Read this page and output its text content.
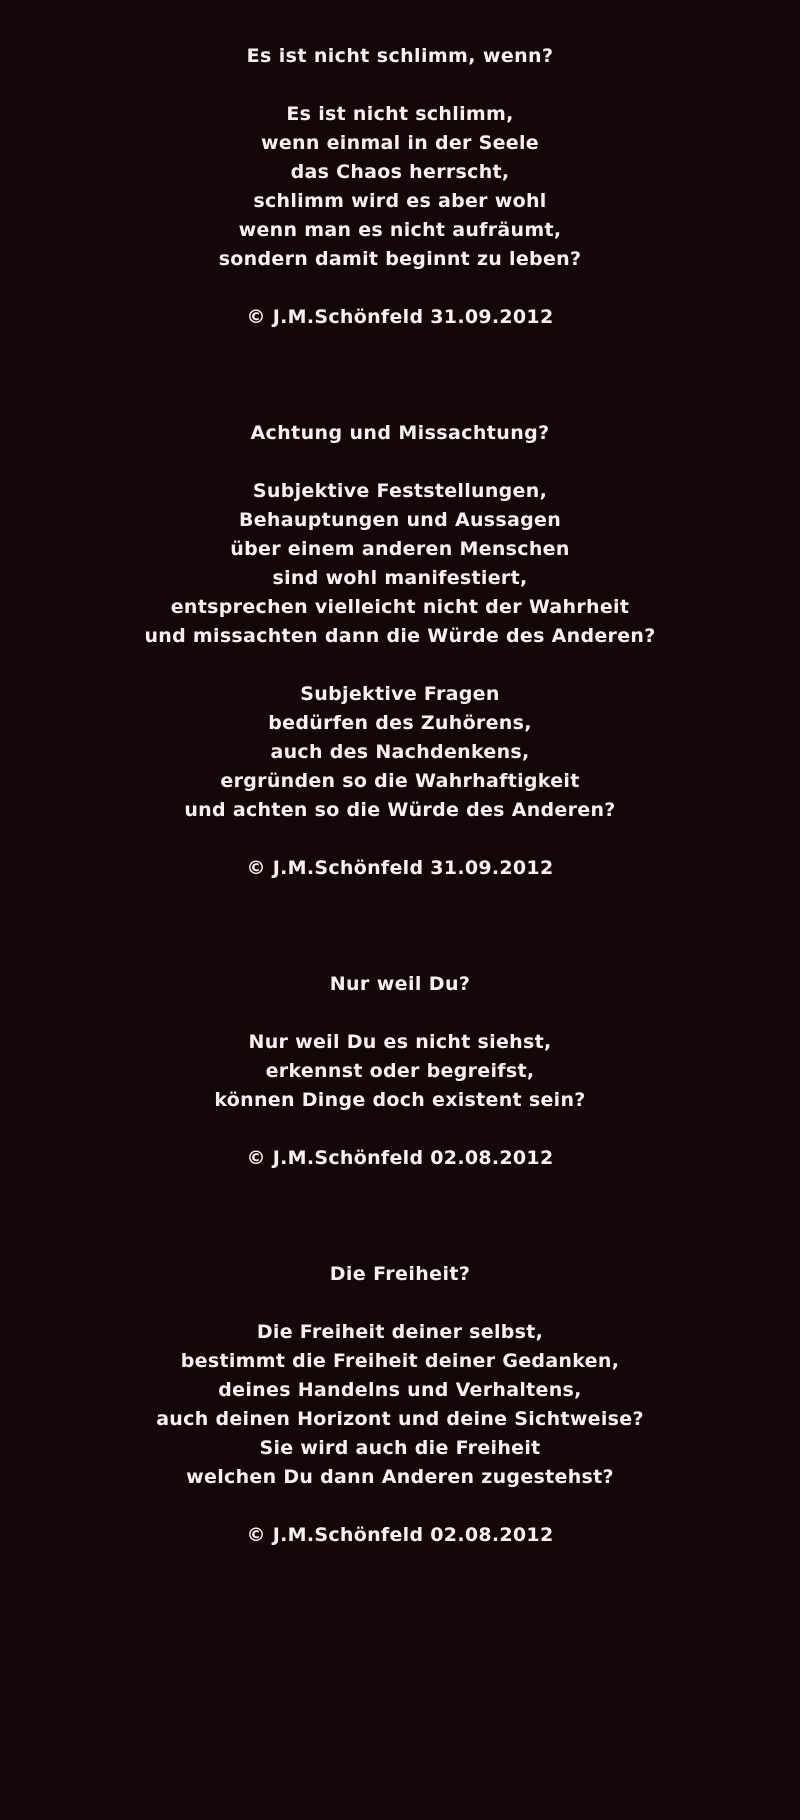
Es ist nicht schlimm, wenn?
Es ist nicht schlimm,
wenn einmal in der Seele
das Chaos herrscht,
schlimm wird es aber wohl
wenn man es nicht aufräumt,
sondern damit beginnt zu leben?
© J.M.Schönfeld 31.09.2012
Achtung und Missachtung?
Subjektive Feststellungen,
Behauptungen und Aussagen
über einem anderen Menschen
sind wohl manifestiert,
entsprechen vielleicht nicht der Wahrheit
und missachten dann die Würde des Anderen?

Subjektive Fragen
bedürfen des Zuhörens,
auch des Nachdenkens,
ergründen so die Wahrhaftigkeit
und achten so die Würde des Anderen?
© J.M.Schönfeld 31.09.2012
Nur weil Du?
Nur weil Du es nicht siehst,
erkennst oder begreifst,
können Dinge doch existent sein?
© J.M.Schönfeld 02.08.2012
Die Freiheit?
Die Freiheit deiner selbst,
bestimmt die Freiheit deiner Gedanken,
deines Handelns und Verhaltens,
auch deinen Horizont und deine Sichtweise?
Sie wird auch die Freiheit
welchen Du dann Anderen zugestehst?
© J.M.Schönfeld 02.08.2012
